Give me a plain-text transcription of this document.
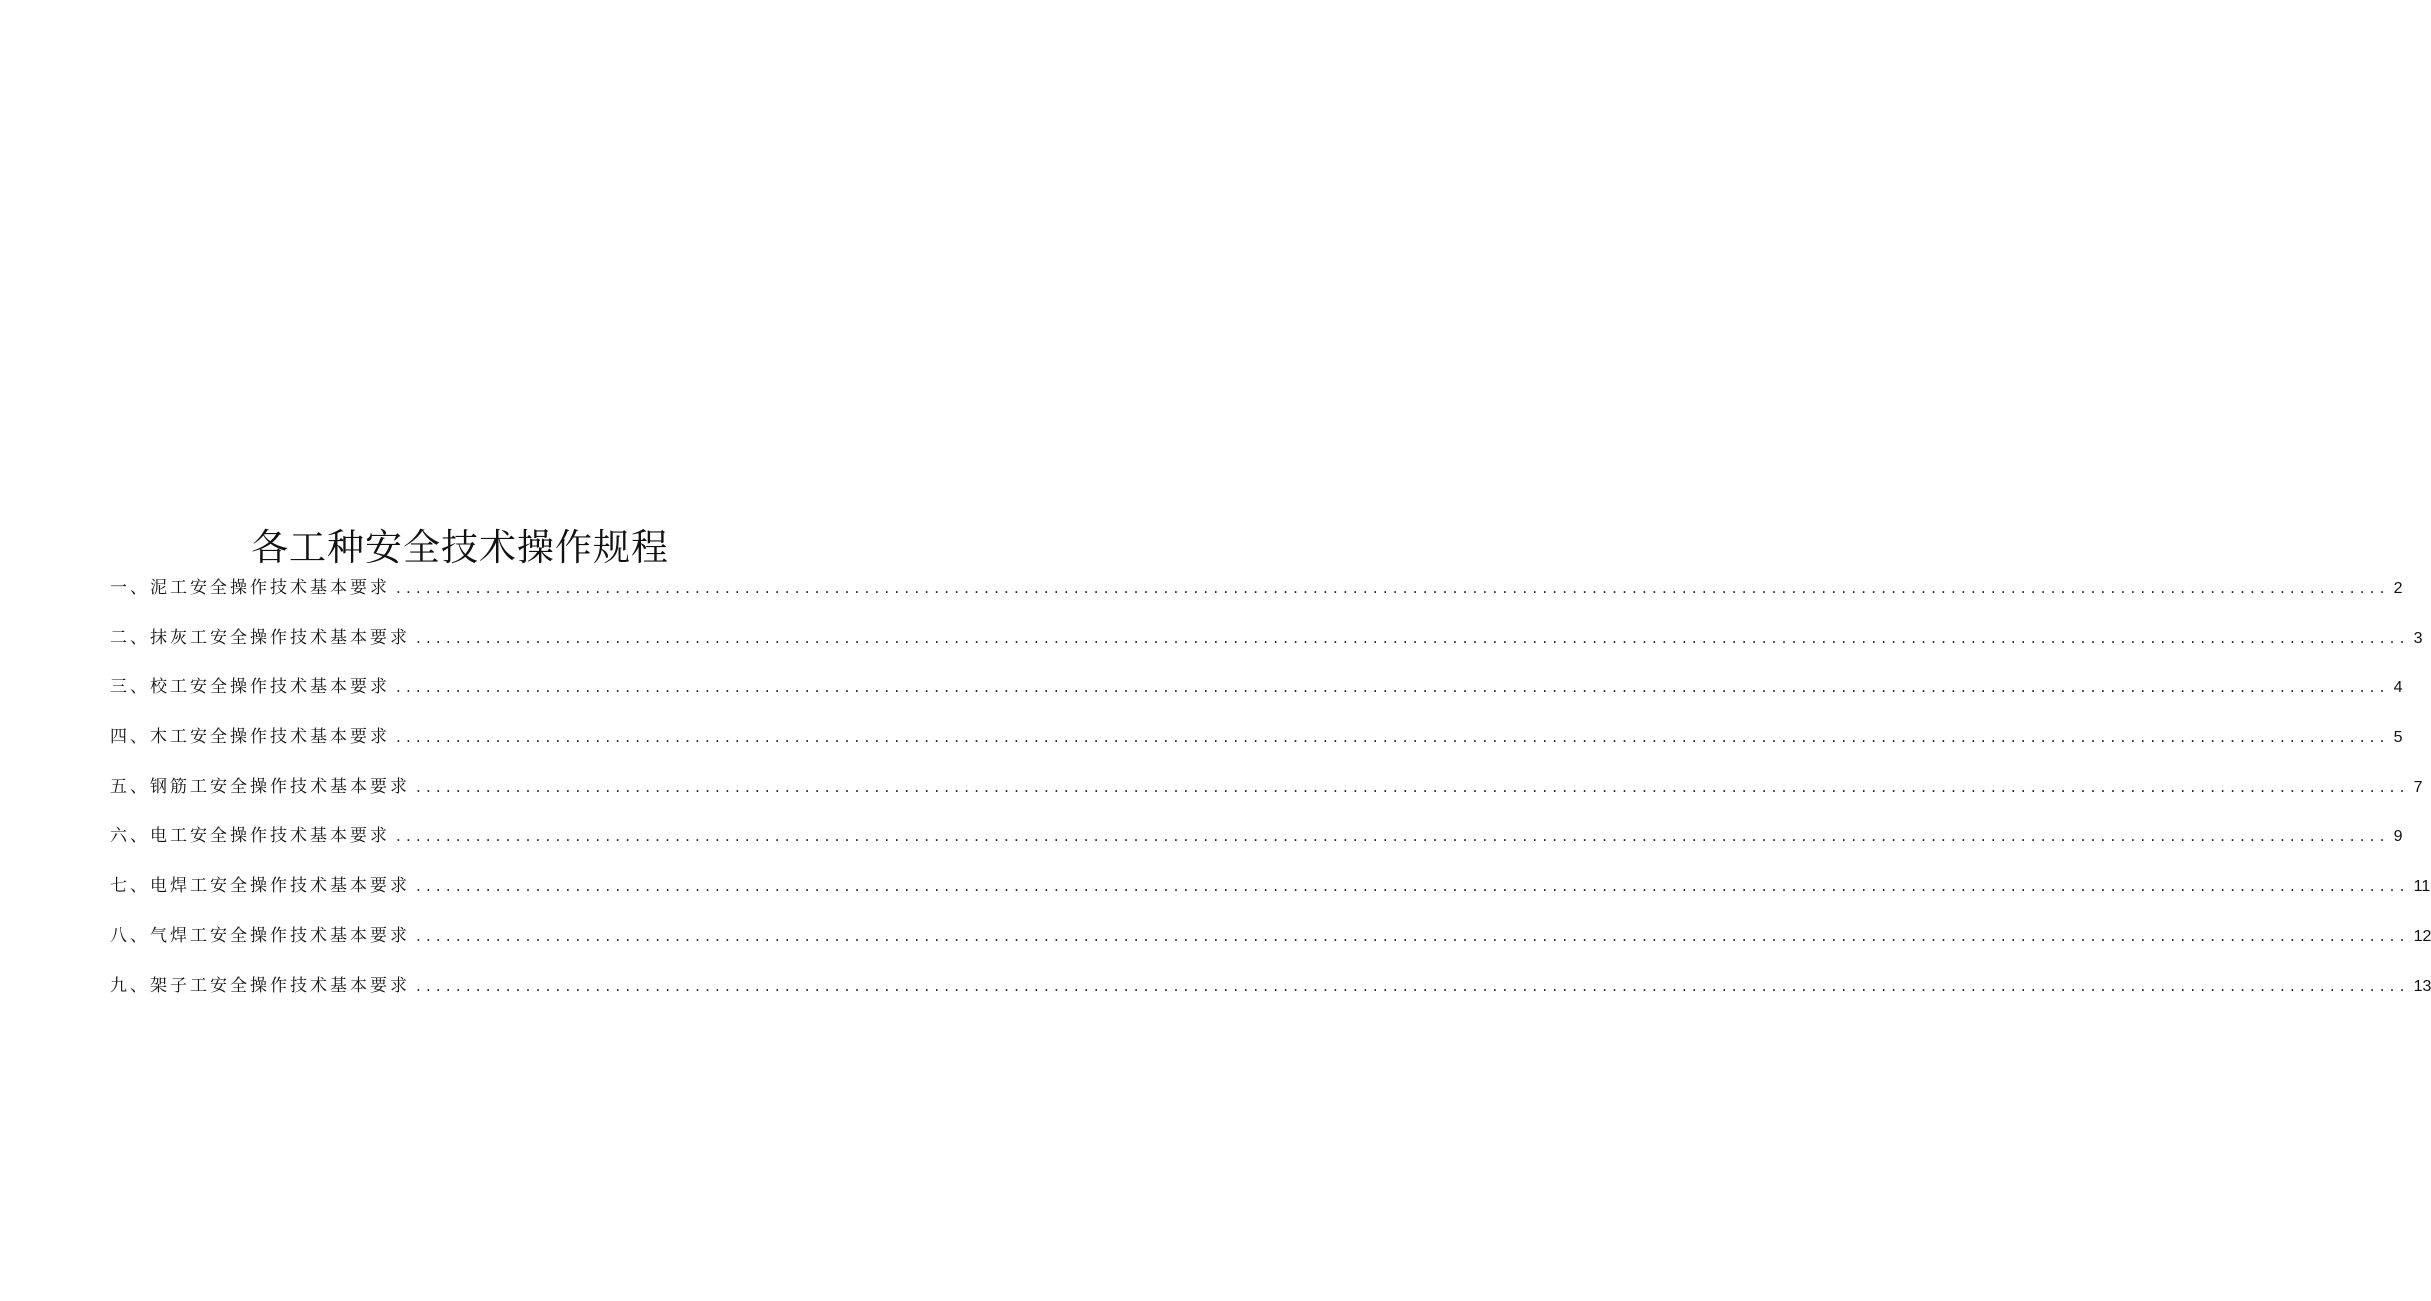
各工种安全技术操作规程
一、泥工安全操作技术基本要求 ........................................................................................................................................................................................................ 2
二、抹灰工安全操作技术基本要求 ........................................................................................................................................................................................................ 3
三、校工安全操作技术基本要求 ........................................................................................................................................................................................................ 4
四、木工安全操作技术基本要求 ........................................................................................................................................................................................................ 5
五、钢筋工安全操作技术基本要求 ........................................................................................................................................................................................................ 7
六、电工安全操作技术基本要求 ........................................................................................................................................................................................................ 9
七、电焊工安全操作技术基本要求 ........................................................................................................................................................................................................ 11
八、气焊工安全操作技术基本要求 ........................................................................................................................................................................................................ 12
九、架子工安全操作技术基本要求 ........................................................................................................................................................................................................ 13
